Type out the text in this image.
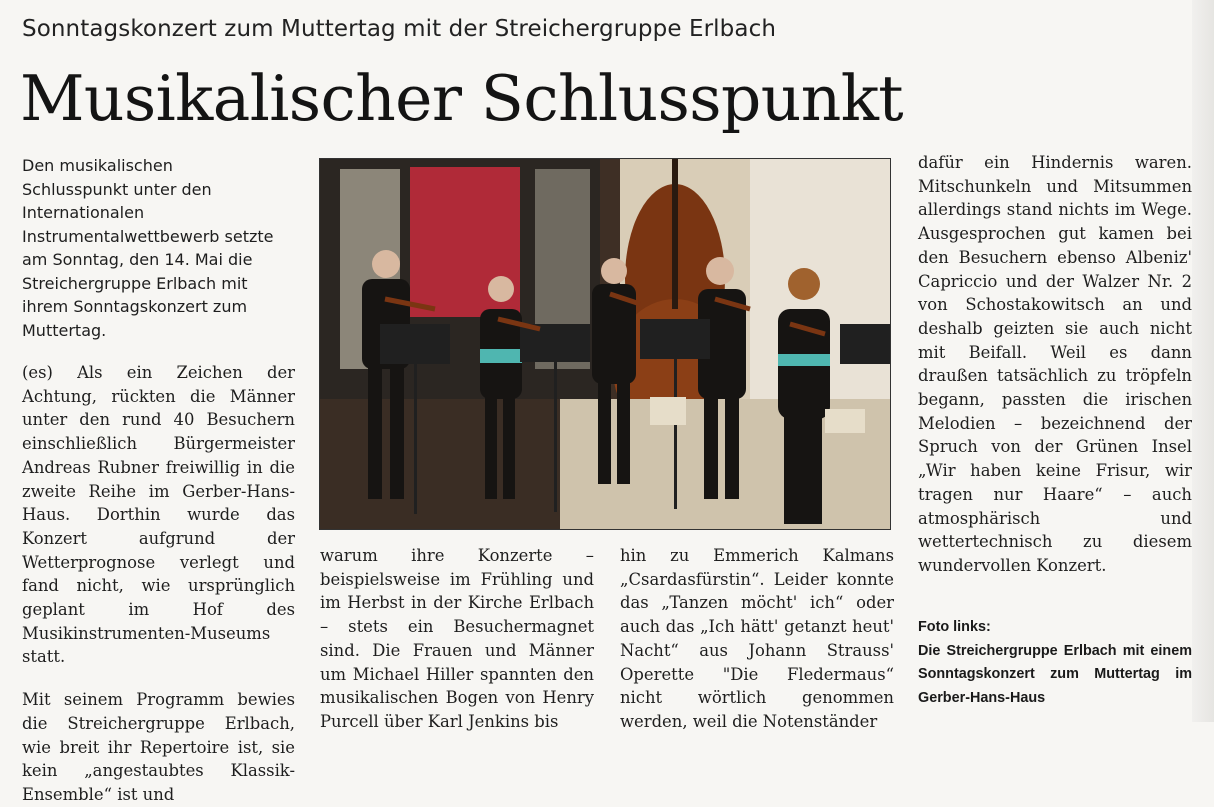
Sonntagskonzert zum Muttertag mit der Streichergruppe Erlbach
Musikalischer Schlusspunkt

Den musikalischen Schlusspunkt unter den Internationalen Instrumentalwettbewerb setzte am Sonntag, den 14. Mai die Streichergruppe Erlbach mit ihrem Sonntagskonzert zum Muttertag.

(es) Als ein Zeichen der Achtung, rückten die Männer unter den rund 40 Besuchern einschließlich Bürgermeister Andreas Rubner freiwillig in die zweite Reihe im Gerber-Hans-Haus. Dorthin wurde das Konzert aufgrund der Wetterprognose verlegt und fand nicht, wie ursprünglich geplant im Hof des Musikinstrumenten-Museums statt.

Mit seinem Programm bewies die Streichergruppe Erlbach, wie breit ihr Repertoire ist, sie kein „angestaubtes Klassik-Ensemble“ ist und

warum ihre Konzerte – beispielsweise im Frühling und im Herbst in der Kirche Erlbach – stets ein Besuchermagnet sind. Die Frauen und Männer um Michael Hiller spannten den musikalischen Bogen von Henry Purcell über Karl Jenkins bis

hin zu Emmerich Kalmans „Csardasfürstin“. Leider konnte das „Tanzen möcht' ich“ oder auch das „Ich hätt' getanzt heut' Nacht“ aus Johann Strauss' Operette "Die Fledermaus“ nicht wörtlich genommen werden, weil die Notenständer

dafür ein Hindernis waren. Mitschunkeln und Mitsummen allerdings stand nichts im Wege. Ausgesprochen gut kamen bei den Besuchern ebenso Albeniz' Capriccio und der Walzer Nr. 2 von Schostakowitsch an und deshalb geizten sie auch nicht mit Beifall. Weil es dann draußen tatsächlich zu tröpfeln begann, passten die irischen Melodien – bezeichnend der Spruch von der Grünen Insel „Wir haben keine Frisur, wir tragen nur Haare“ – auch atmosphärisch und wettertechnisch zu diesem wundervollen Konzert.

Foto links:
Die Streichergruppe Erlbach mit einem Sonntagskonzert zum Muttertag im Gerber-Hans-Haus
